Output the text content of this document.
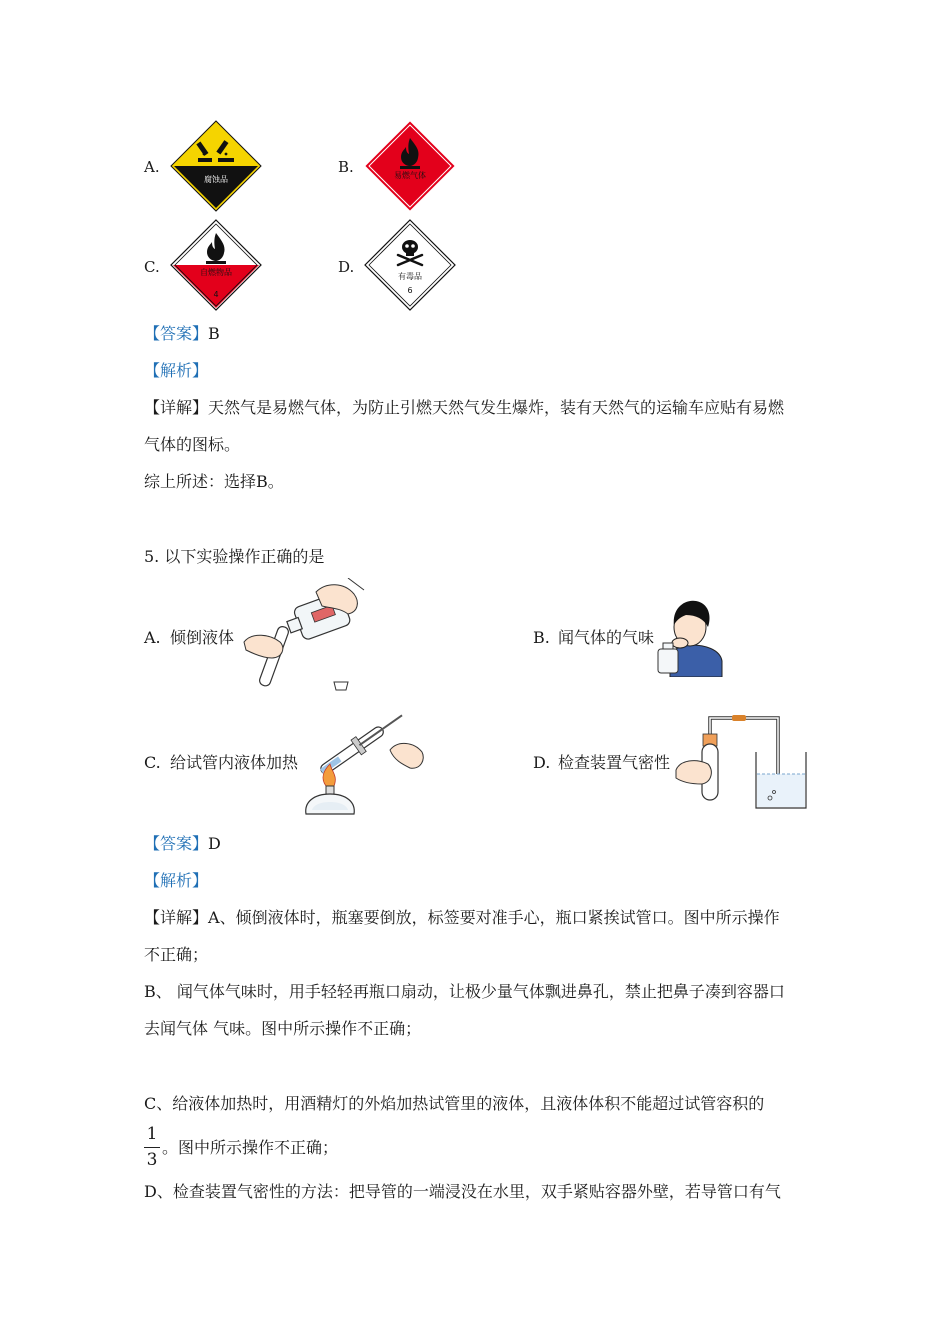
A.
腐蚀品
B.	易燃气体
C.	自燃物品
4
D.
有毒品
6
【答案】B
【解析】
【详解】天然气是易燃气体，为防止引燃天然气发生爆炸，装有天然气的运输车应贴有易燃
气体的图标。
综上所述：选择B。
5. 以下实验操作正确的是
A. 倾倒液体	B. 闻气体的气味
C. 给试管内液体加热	D. 检查装置气密性
【答案】D
【解析】
【详解】A、倾倒液体时，瓶塞要倒放，标签要对准手心，瓶口紧挨试管口。图中所示操作
不正确；
B、 闻气体气味时，用手轻轻再瓶口扇动，让极少量气体飘进鼻孔，禁止把鼻子凑到容器口
去闻气体 气味。图中所示操作不正确；
C、给液体加热时，用酒精灯的外焰加热试管里的液体，且液体体积不能超过试管容积的
1
3
。图中所示操作不正确；
D、检查装置气密性的方法：把导管的一端浸没在水里，双手紧贴容器外壁，若导管口有气
